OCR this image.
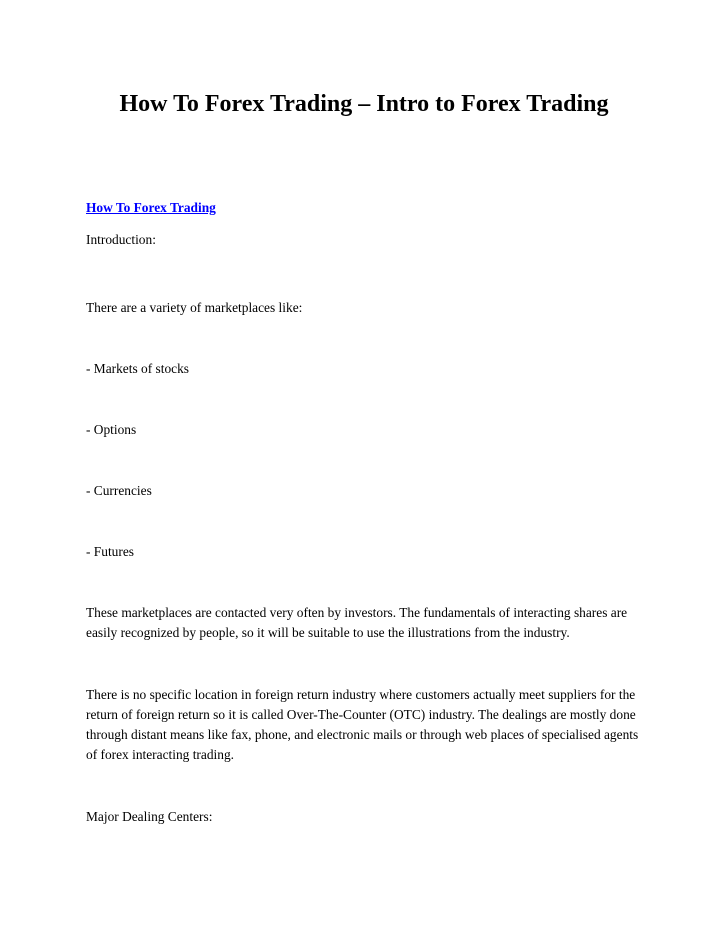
How To Forex Trading – Intro to Forex Trading

How To Forex Trading

Introduction:

There are a variety of marketplaces like:

- Markets of stocks

- Options

- Currencies

- Futures

These marketplaces are contacted very often by investors. The fundamentals of interacting shares are easily recognized by people, so it will be suitable to use the illustrations from the industry.

There is no specific location in foreign return industry where customers actually meet suppliers for the return of foreign return so it is called Over-The-Counter (OTC) industry. The dealings are mostly done through distant means like fax, phone, and electronic mails or through web places of specialised agents of forex interacting trading.

Major Dealing Centers:
